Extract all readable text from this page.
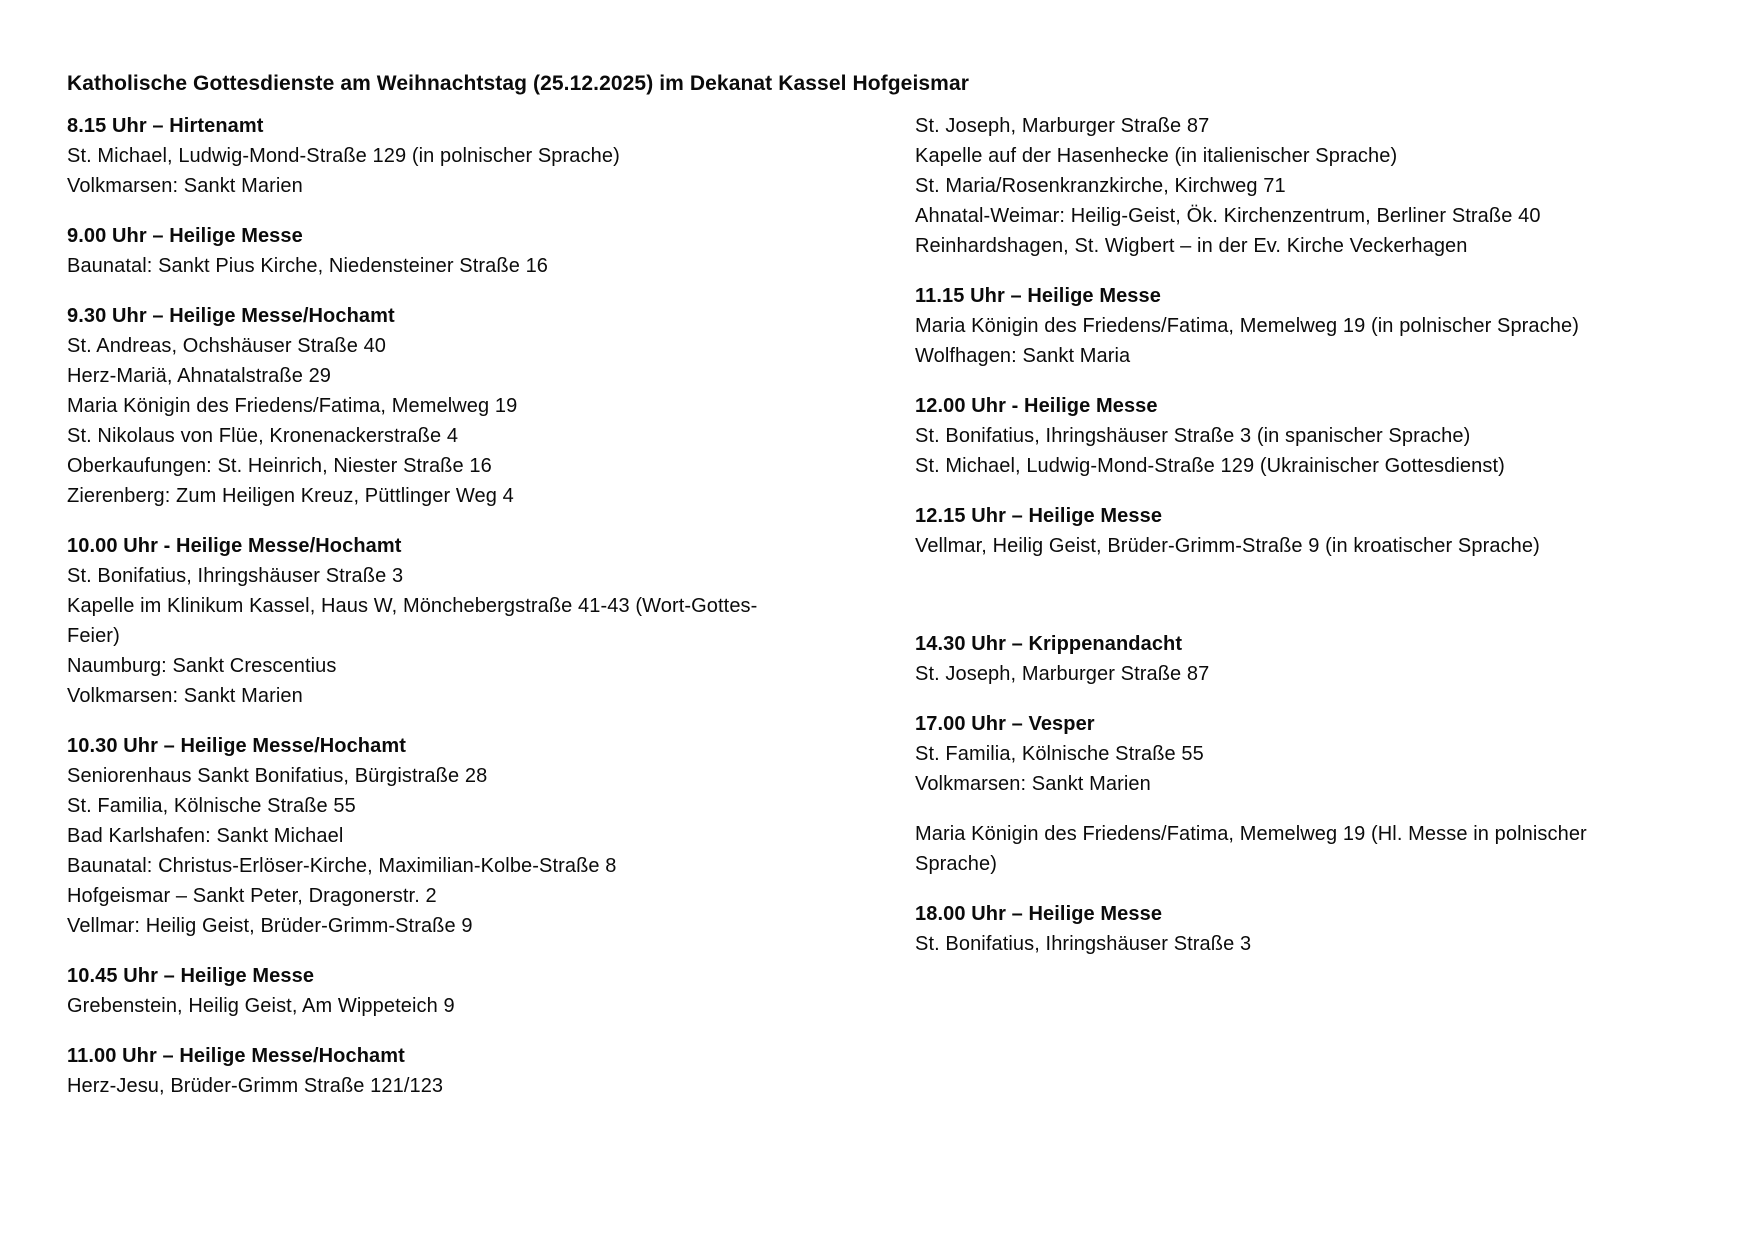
Katholische Gottesdienste am Weihnachtstag (25.12.2025) im Dekanat Kassel Hofgeismar
8.15 Uhr – Hirtenamt

St. Michael, Ludwig-Mond-Straße 129 (in polnischer Sprache)

Volkmarsen: Sankt Marien

9.00 Uhr – Heilige Messe

Baunatal: Sankt Pius Kirche, Niedensteiner Straße 16

9.30 Uhr – Heilige Messe/Hochamt

St. Andreas, Ochshäuser Straße 40

Herz-Mariä, Ahnatalstraße 29

Maria Königin des Friedens/Fatima, Memelweg 19

St. Nikolaus von Flüe, Kronenackerstraße 4

Oberkaufungen: St. Heinrich, Niester Straße 16

Zierenberg: Zum Heiligen Kreuz, Püttlinger Weg 4

10.00 Uhr - Heilige Messe/Hochamt

St. Bonifatius, Ihringshäuser Straße 3

Kapelle im Klinikum Kassel, Haus W, Mönchebergstraße 41-43 (Wort-Gottes-Feier)

Naumburg: Sankt Crescentius

Volkmarsen: Sankt Marien

10.30 Uhr – Heilige Messe/Hochamt

Seniorenhaus Sankt Bonifatius, Bürgistraße 28

St. Familia, Kölnische Straße 55

Bad Karlshafen: Sankt Michael

Baunatal: Christus-Erlöser-Kirche, Maximilian-Kolbe-Straße 8

Hofgeismar – Sankt Peter, Dragonerstr. 2

Vellmar: Heilig Geist, Brüder-Grimm-Straße 9

10.45 Uhr – Heilige Messe

Grebenstein, Heilig Geist, Am Wippeteich 9

11.00 Uhr – Heilige Messe/Hochamt

Herz-Jesu, Brüder-Grimm Straße 121/123

St. Joseph, Marburger Straße 87

Kapelle auf der Hasenhecke (in italienischer Sprache)

St. Maria/Rosenkranzkirche, Kirchweg 71

Ahnatal-Weimar: Heilig-Geist, Ök. Kirchenzentrum, Berliner Straße 40

Reinhardshagen, St. Wigbert – in der Ev. Kirche Veckerhagen

11.15 Uhr – Heilige Messe

Maria Königin des Friedens/Fatima, Memelweg 19 (in polnischer Sprache)

Wolfhagen: Sankt Maria

12.00 Uhr - Heilige Messe

St. Bonifatius, Ihringshäuser Straße 3 (in spanischer Sprache)

St. Michael, Ludwig-Mond-Straße 129 (Ukrainischer Gottesdienst)

12.15 Uhr – Heilige Messe

Vellmar, Heilig Geist, Brüder-Grimm-Straße 9 (in kroatischer Sprache)

14.30 Uhr – Krippenandacht

St. Joseph, Marburger Straße 87

17.00 Uhr – Vesper

St. Familia, Kölnische Straße 55

Volkmarsen: Sankt Marien

Maria Königin des Friedens/Fatima, Memelweg 19 (Hl. Messe in polnischer Sprache)

18.00 Uhr – Heilige Messe

St. Bonifatius, Ihringshäuser Straße 3
